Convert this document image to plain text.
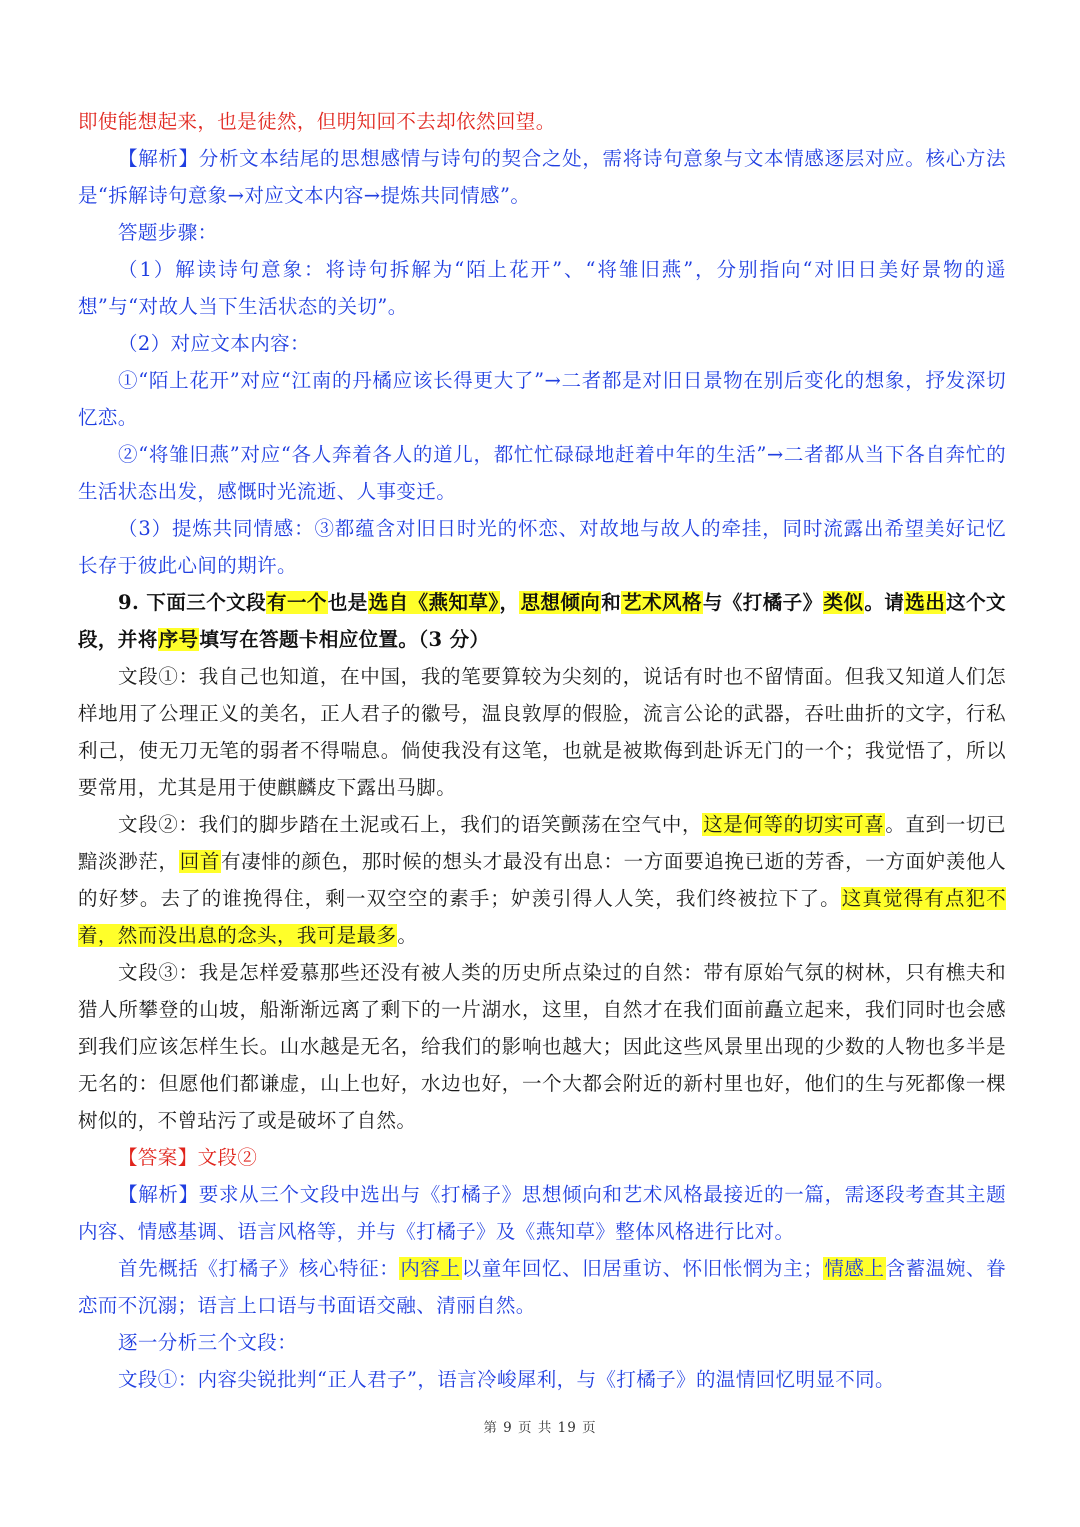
即使能想起来，也是徒然，但明知回不去却依然回望。

【解析】分析文本结尾的思想感情与诗句的契合之处，需将诗句意象与文本情感逐层对应。核心方法是“拆解诗句意象→对应文本内容→提炼共同情感”。

答题步骤：

（1）解读诗句意象：将诗句拆解为“陌上花开”、“将雏旧燕”，分别指向“对旧日美好景物的遥想”与“对故人当下生活状态的关切”。

（2）对应文本内容：

①“陌上花开”对应“江南的丹橘应该长得更大了”→二者都是对旧日景物在别后变化的想象，抒发深切忆恋。

②“将雏旧燕”对应“各人奔着各人的道儿，都忙忙碌碌地赶着中年的生活”→二者都从当下各自奔忙的生活状态出发，感慨时光流逝、人事变迁。

（3）提炼共同情感：③都蕴含对旧日时光的怀恋、对故地与故人的牵挂，同时流露出希望美好记忆长存于彼此心间的期许。

9. 下面三个文段有一个也是选自《燕知草》，思想倾向和艺术风格与《打橘子》类似。请选出这个文段，并将序号填写在答题卡相应位置。（3 分）

文段①：我自己也知道，在中国，我的笔要算较为尖刻的，说话有时也不留情面。但我又知道人们怎样地用了公理正义的美名，正人君子的徽号，温良敦厚的假脸，流言公论的武器，吞吐曲折的文字，行私利己，使无刀无笔的弱者不得喘息。倘使我没有这笔，也就是被欺侮到赴诉无门的一个；我觉悟了，所以要常用，尤其是用于使麒麟皮下露出马脚。

文段②：我们的脚步踏在土泥或石上，我们的语笑颤荡在空气中，这是何等的切实可喜。直到一切已黯淡渺茫，回首有凄悱的颜色，那时候的想头才最没有出息：一方面要追挽已逝的芳香，一方面妒羡他人的好梦。去了的谁挽得住，剩一双空空的素手；妒羡引得人人笑，我们终被拉下了。这真觉得有点犯不着，然而没出息的念头，我可是最多。

文段③：我是怎样爱慕那些还没有被人类的历史所点染过的自然：带有原始气氛的树林，只有樵夫和猎人所攀登的山坡，船渐渐远离了剩下的一片湖水，这里，自然才在我们面前矗立起来，我们同时也会感到我们应该怎样生长。山水越是无名，给我们的影响也越大；因此这些风景里出现的少数的人物也多半是无名的：但愿他们都谦虚，山上也好，水边也好，一个大都会附近的新村里也好，他们的生与死都像一棵树似的，不曾玷污了或是破坏了自然。

【答案】文段②

【解析】要求从三个文段中选出与《打橘子》思想倾向和艺术风格最接近的一篇，需逐段考查其主题内容、情感基调、语言风格等，并与《打橘子》及《燕知草》整体风格进行比对。

首先概括《打橘子》核心特征：内容上以童年回忆、旧居重访、怀旧怅惘为主；情感上含蓄温婉、眷恋而不沉溺；语言上口语与书面语交融、清丽自然。

逐一分析三个文段：

文段①：内容尖锐批判“正人君子”，语言冷峻犀利，与《打橘子》的温情回忆明显不同。

第 9 页 共 19 页
